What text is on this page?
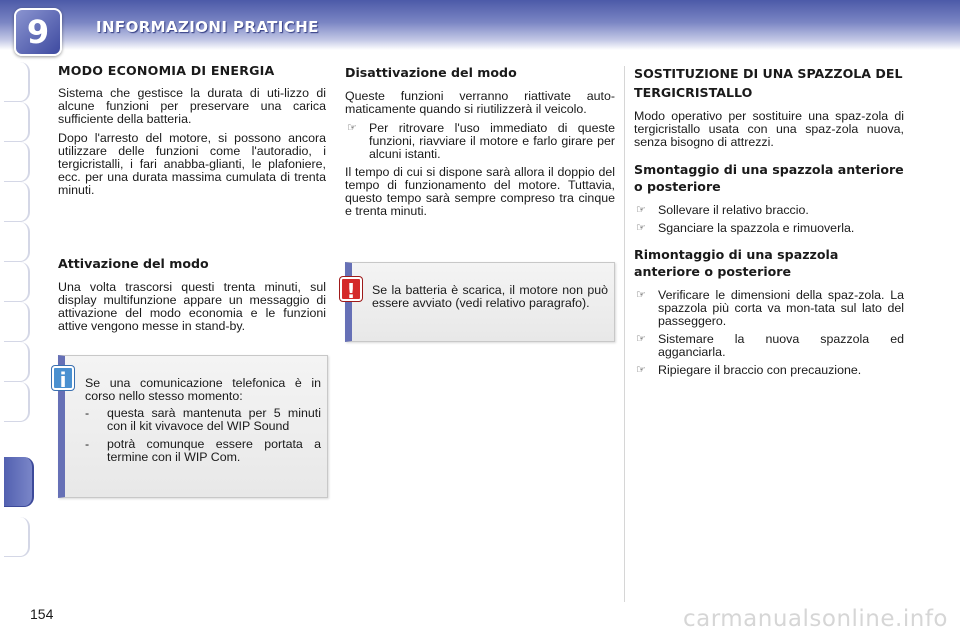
9	INFORMAZIONI PRATICHE
MODO ECONOMIA DI ENERGIA

Sistema che gestisce la durata di uti-lizzo di alcune funzioni per preservare una carica sufficiente della batteria.

Dopo l'arresto del motore, si possono ancora utilizzare delle funzioni come l'autoradio, i tergicristalli, i fari anabba-glianti, le plafoniere, ecc. per una durata massima cumulata di trenta minuti.

Attivazione del modo

Una volta trascorsi questi trenta minuti, sul display multifunzione appare un messaggio di attivazione del modo economia e le funzioni attive vengono messe in stand-by.

Se una comunicazione telefonica è in corso nello stesso momento:

-	questa sarà mantenuta per 5 minuti con il kit vivavoce del WIP Sound
-	potrà comunque essere portata a termine con il WIP Com.
i
Disattivazione del modo

Queste funzioni verranno riattivate auto-maticamente quando si riutilizzerà il veicolo.

☞ Per ritrovare l'uso immediato di queste funzioni, riavviare il motore e farlo girare per alcuni istanti.

Il tempo di cui si dispone sarà allora il doppio del tempo di funzionamento del motore. Tuttavia, questo tempo sarà sempre compreso tra cinque e trenta minuti.

Se la batteria è scarica, il motore non può essere avviato (vedi relativo paragrafo).

!
SOSTITUZIONE DI UNA SPAZZOLA DEL TERGICRISTALLO

Modo operativo per sostituire una spaz-zola di tergicristallo usata con una spaz-zola nuova, senza bisogno di attrezzi.

Smontaggio di una spazzola anteriore o posteriore
☞ Sollevare il relativo braccio.
☞ Sganciare la spazzola e rimuoverla.
Rimontaggio di una spazzola anteriore o posteriore
☞ Verificare le dimensioni della spaz-zola. La spazzola più corta va mon-tata sul lato del passeggero.
☞ Sistemare la nuova spazzola ed agganciarla.
☞ Ripiegare il braccio con precauzione.
154	carmanualsonline.info
